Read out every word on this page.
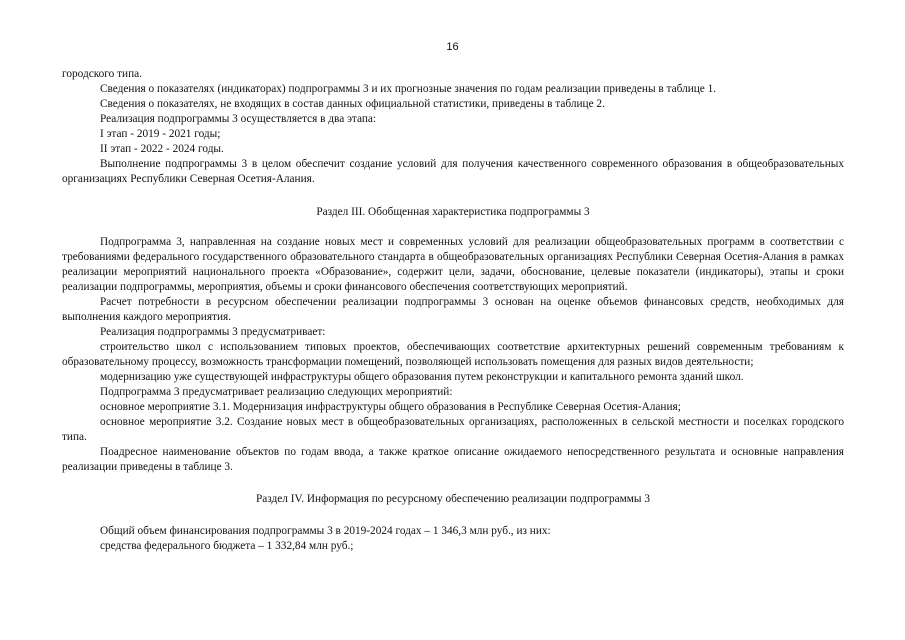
16

городского типа.

Сведения о показателях (индикаторах) подпрограммы 3 и их прогнозные значения по годам реализации приведены в таблице 1.

Сведения о показателях, не входящих в состав данных официальной статистики, приведены в таблице 2.

Реализация подпрограммы 3 осуществляется в два этапа:

I этап - 2019 - 2021 годы;

II этап - 2022 - 2024 годы.

Выполнение подпрограммы 3 в целом обеспечит создание условий для получения качественного современного образования в общеобразовательных организациях Республики Северная Осетия-Алания.

Раздел III. Обобщенная характеристика подпрограммы 3

Подпрограмма 3, направленная на создание новых мест и современных условий для реализации общеобразовательных программ в соответствии с требованиями федерального государственного образовательного стандарта в общеобразовательных организациях Республики Северная Осетия-Алания в рамках реализации мероприятий национального проекта «Образование», содержит цели, задачи, обоснование, целевые показатели (индикаторы), этапы и сроки реализации подпрограммы, мероприятия, объемы и сроки финансового обеспечения соответствующих мероприятий.

Расчет потребности в ресурсном обеспечении реализации подпрограммы 3 основан на оценке объемов финансовых средств, необходимых для выполнения каждого мероприятия.

Реализация подпрограммы 3 предусматривает:

строительство школ с использованием типовых проектов, обеспечивающих соответствие архитектурных решений современным требованиям к образовательному процессу, возможность трансформации помещений, позволяющей использовать помещения для разных видов деятельности;

модернизацию уже существующей инфраструктуры общего образования путем реконструкции и капитального ремонта зданий школ.

Подпрограмма 3 предусматривает реализацию следующих мероприятий:

основное мероприятие 3.1. Модернизация инфраструктуры общего образования в Республике Северная Осетия-Алания;

основное мероприятие 3.2. Создание новых мест в общеобразовательных организациях, расположенных в сельской местности и поселках городского типа.

Поадресное наименование объектов по годам ввода, а также краткое описание ожидаемого непосредственного результата и основные направления реализации приведены в таблице 3.

Раздел IV. Информация по ресурсному обеспечению реализации подпрограммы 3

Общий объем финансирования подпрограммы 3 в 2019-2024 годах – 1 346,3 млн руб., из них:

средства федерального бюджета – 1 332,84 млн руб.;
